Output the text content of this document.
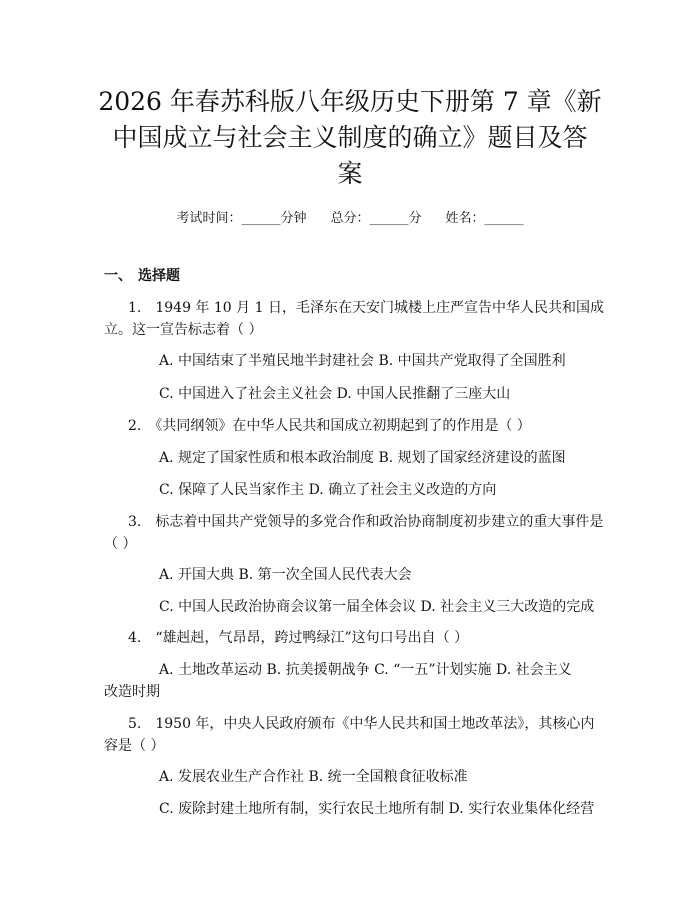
2026 年春苏科版八年级历史下册第 7 章《新
中国成立与社会主义制度的确立》题目及答
案
考试时间：______分钟 总分：______分 姓名：______
一、 选择题
1.　1949 年 10 月 1 日，毛泽东在天安门城楼上庄严宣告中华人民共和国成
立。这一宣告标志着（ ）
A. 中国结束了半殖民地半封建社会 B. 中国共产党取得了全国胜利
C. 中国进入了社会主义社会 D. 中国人民推翻了三座大山
2.　《共同纲领》在中华人民共和国成立初期起到了的作用是（ ）
A. 规定了国家性质和根本政治制度 B. 规划了国家经济建设的蓝图
C. 保障了人民当家作主 D. 确立了社会主义改造的方向
3.　标志着中国共产党领导的多党合作和政治协商制度初步建立的重大事件是
（ ）
A. 开国大典 B. 第一次全国人民代表大会
C. 中国人民政治协商会议第一届全体会议 D. 社会主义三大改造的完成
4.　“雄赳赳，气昂昂，跨过鸭绿江”这句口号出自（ ）
A. 土地改革运动 B. 抗美援朝战争 C. “一五”计划实施 D. 社会主义
改造时期
5.　1950 年，中央人民政府颁布《中华人民共和国土地改革法》，其核心内
容是（ ）
A. 发展农业生产合作社 B. 统一全国粮食征收标准
C. 废除封建土地所有制，实行农民土地所有制 D. 实行农业集体化经营
